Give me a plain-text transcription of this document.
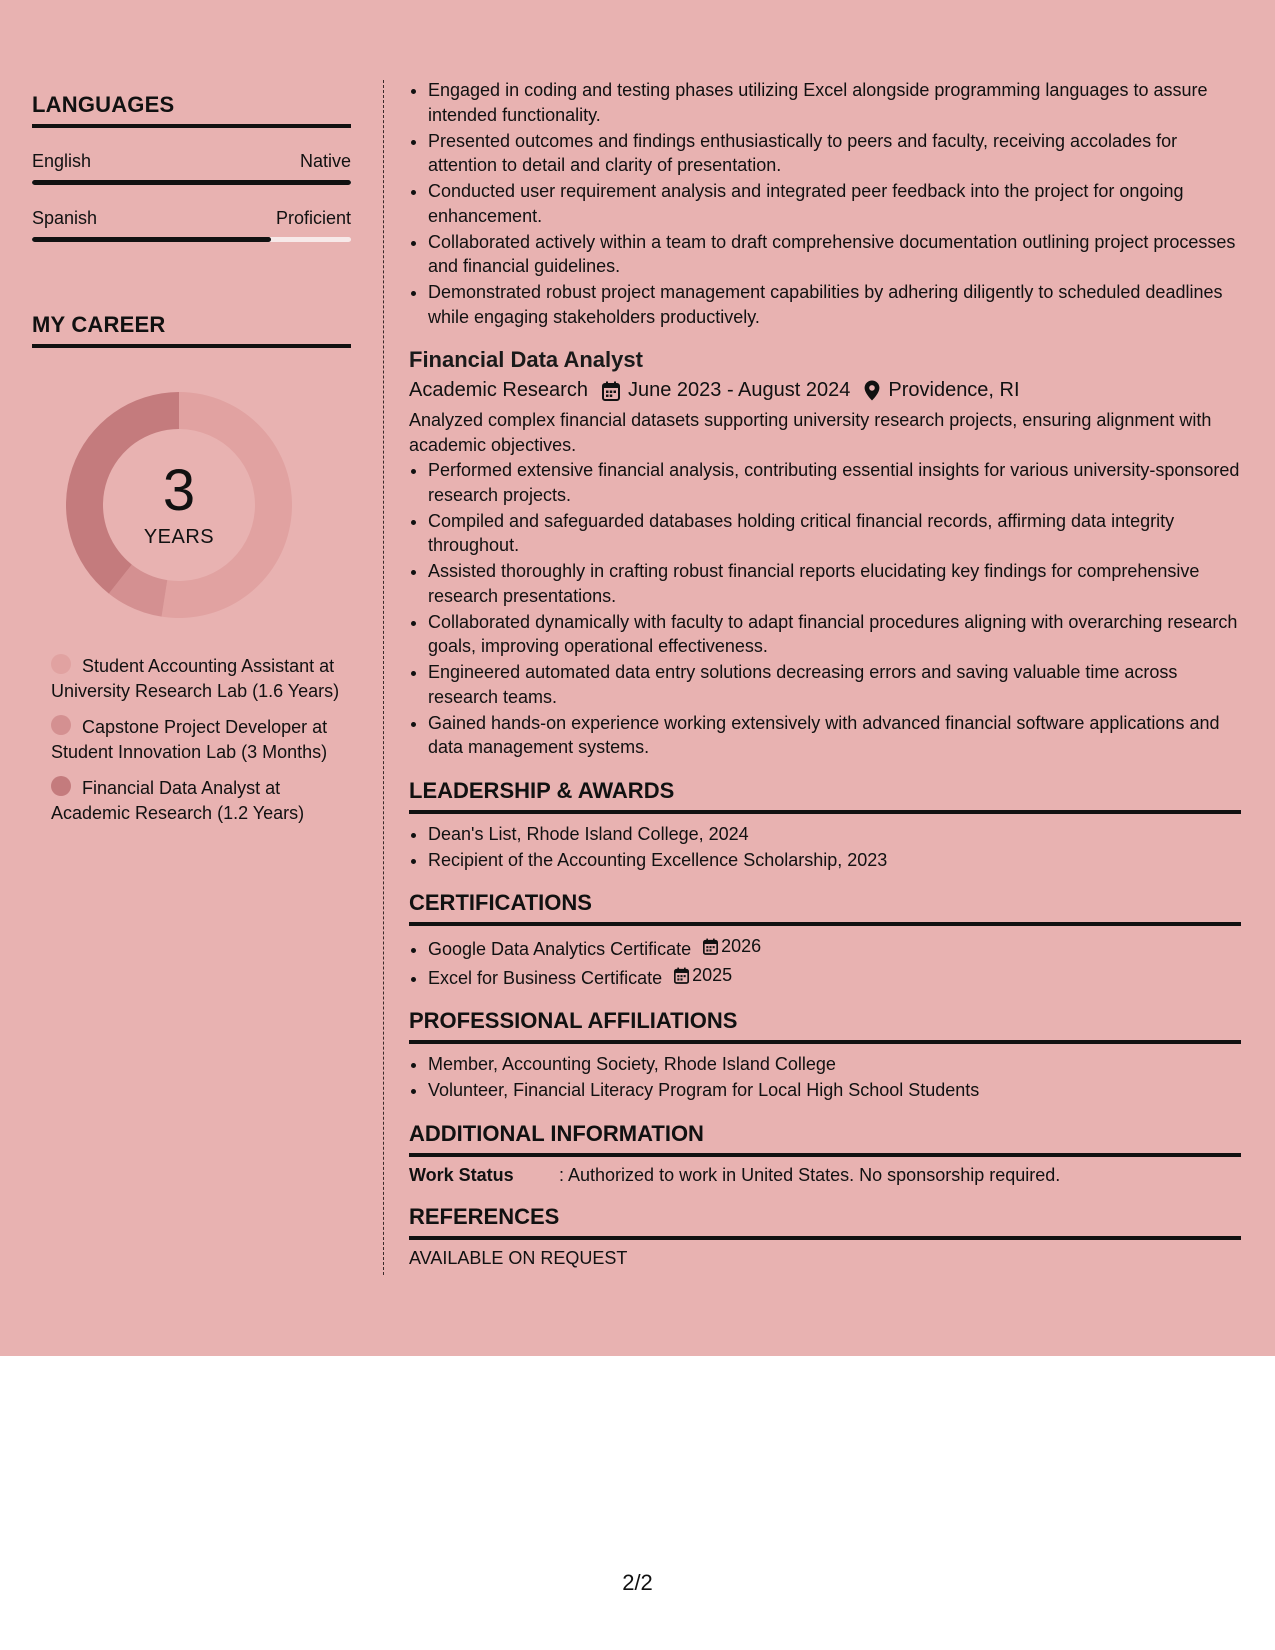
LANGUAGES
English	Native
Spanish	Proficient
MY CAREER
3
YEARS
Student Accounting Assistant at University Research Lab (1.6 Years)
Capstone Project Developer at Student Innovation Lab (3 Months)
Financial Data Analyst at Academic Research (1.2 Years)
• Engaged in coding and testing phases utilizing Excel alongside programming languages to assure intended functionality.
• Presented outcomes and findings enthusiastically to peers and faculty, receiving accolades for attention to detail and clarity of presentation.
• Conducted user requirement analysis and integrated peer feedback into the project for ongoing enhancement.
• Collaborated actively within a team to draft comprehensive documentation outlining project processes and financial guidelines.
• Demonstrated robust project management capabilities by adhering diligently to scheduled deadlines while engaging stakeholders productively.
Financial Data Analyst
Academic Research June 2023 - August 2024 Providence, RI
Analyzed complex financial datasets supporting university research projects, ensuring alignment with academic objectives.
• Performed extensive financial analysis, contributing essential insights for various university-sponsored research projects.
• Compiled and safeguarded databases holding critical financial records, affirming data integrity throughout.
• Assisted thoroughly in crafting robust financial reports elucidating key findings for comprehensive research presentations.
• Collaborated dynamically with faculty to adapt financial procedures aligning with overarching research goals, improving operational effectiveness.
• Engineered automated data entry solutions decreasing errors and saving valuable time across research teams.
• Gained hands-on experience working extensively with advanced financial software applications and data management systems.
LEADERSHIP & AWARDS
• Dean's List, Rhode Island College, 2024
• Recipient of the Accounting Excellence Scholarship, 2023
CERTIFICATIONS
• Google Data Analytics Certificate 2026
• Excel for Business Certificate 2025
PROFESSIONAL AFFILIATIONS
• Member, Accounting Society, Rhode Island College
• Volunteer, Financial Literacy Program for Local High School Students
ADDITIONAL INFORMATION
Work Status	: Authorized to work in United States. No sponsorship required.
REFERENCES
AVAILABLE ON REQUEST
2/2
